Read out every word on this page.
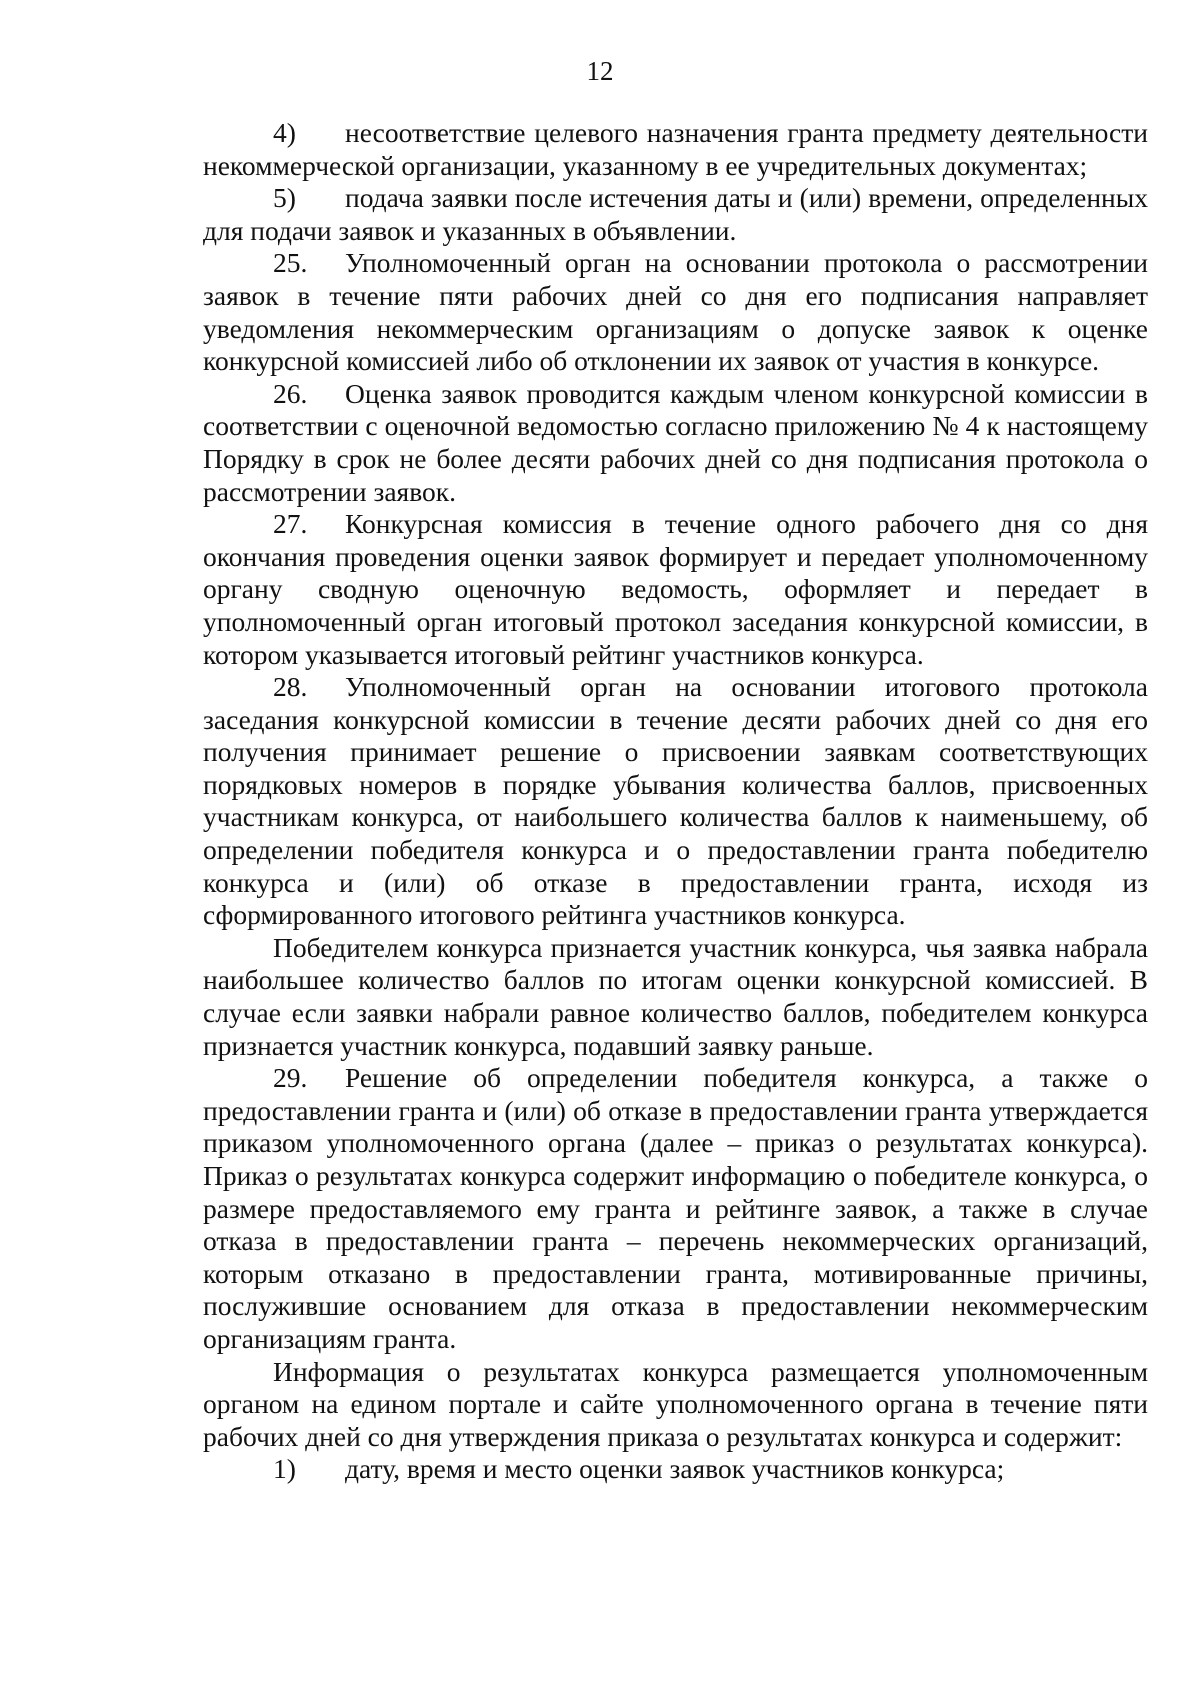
12

4) несоответствие целевого назначения гранта предмету деятельности некоммерческой организации, указанному в ее учредительных документах;

5) подача заявки после истечения даты и (или) времени, определенных для подачи заявок и указанных в объявлении.

25. Уполномоченный орган на основании протокола о рассмотрении заявок в течение пяти рабочих дней со дня его подписания направляет уведомления некоммерческим организациям о допуске заявок к оценке конкурсной комиссией либо об отклонении их заявок от участия в конкурсе.

26. Оценка заявок проводится каждым членом конкурсной комиссии в соответствии с оценочной ведомостью согласно приложению № 4 к настоящему Порядку в срок не более десяти рабочих дней со дня подписания протокола о рассмотрении заявок.

27. Конкурсная комиссия в течение одного рабочего дня со дня окончания проведения оценки заявок формирует и передает уполномоченному органу сводную оценочную ведомость, оформляет и передает в уполномоченный орган итоговый протокол заседания конкурсной комиссии, в котором указывается итоговый рейтинг участников конкурса.

28. Уполномоченный орган на основании итогового протокола заседания конкурсной комиссии в течение десяти рабочих дней со дня его получения принимает решение о присвоении заявкам соответствующих порядковых номеров в порядке убывания количества баллов, присвоенных участникам конкурса, от наибольшего количества баллов к наименьшему, об определении победителя конкурса и о предоставлении гранта победителю конкурса и (или) об отказе в предоставлении гранта, исходя из сформированного итогового рейтинга участников конкурса.

Победителем конкурса признается участник конкурса, чья заявка набрала наибольшее количество баллов по итогам оценки конкурсной комиссией. В случае если заявки набрали равное количество баллов, победителем конкурса признается участник конкурса, подавший заявку раньше.

29. Решение об определении победителя конкурса, а также о предоставлении гранта и (или) об отказе в предоставлении гранта утверждается приказом уполномоченного органа (далее – приказ о результатах конкурса). Приказ о результатах конкурса содержит информацию о победителе конкурса, о размере предоставляемого ему гранта и рейтинге заявок, а также в случае отказа в предоставлении гранта – перечень некоммерческих организаций, которым отказано в предоставлении гранта, мотивированные причины, послужившие основанием для отказа в предоставлении некоммерческим организациям гранта.

Информация о результатах конкурса размещается уполномоченным органом на едином портале и сайте уполномоченного органа в течение пяти рабочих дней со дня утверждения приказа о результатах конкурса и содержит:

1) дату, время и место оценки заявок участников конкурса;
